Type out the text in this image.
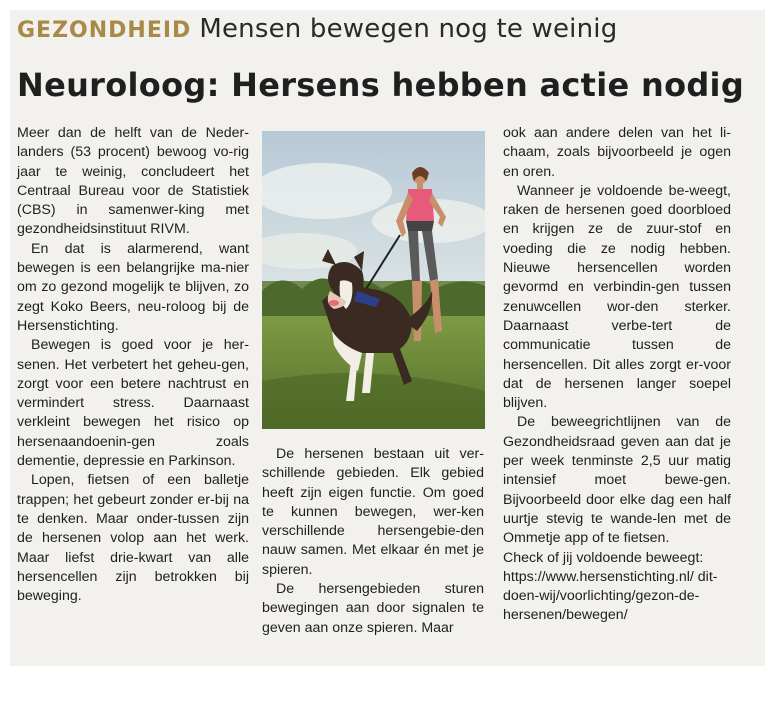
GEZONDHEID Mensen bewegen nog te weinig
Neuroloog: Hersens hebben actie nodig

Meer dan de helft van de Neder-landers (53 procent) bewoog vo-rig jaar te weinig, concludeert het Centraal Bureau voor de Statistiek (CBS) in samenwer-king met gezondheidsinstituut RIVM.

En dat is alarmerend, want bewegen is een belangrijke ma-nier om zo gezond mogelijk te blijven, zo zegt Koko Beers, neu-roloog bij de Hersenstichting.

Bewegen is goed voor je her-senen. Het verbetert het geheu-gen, zorgt voor een betere nachtrust en vermindert stress. Daarnaast verkleint bewegen het risico op hersenaandoenin-gen zoals dementie, depressie en Parkinson.

Lopen, fietsen of een balletje trappen; het gebeurt zonder er-bij na te denken. Maar onder-tussen zijn de hersenen volop aan het werk. Maar liefst drie-kwart van alle hersencellen zijn betrokken bij beweging.

De hersenen bestaan uit ver-schillende gebieden. Elk gebied heeft zijn eigen functie. Om goed te kunnen bewegen, wer-ken verschillende hersengebie-den nauw samen. Met elkaar én met je spieren.

De hersengebieden sturen bewegingen aan door signalen te geven aan onze spieren. Maar

ook aan andere delen van het li-chaam, zoals bijvoorbeeld je ogen en oren.

Wanneer je voldoende be-weegt, raken de hersenen goed doorbloed en krijgen ze de zuur-stof en voeding die ze nodig hebben. Nieuwe hersencellen worden gevormd en verbindin-gen tussen zenuwcellen wor-den sterker. Daarnaast verbe-tert de communicatie tussen de hersencellen. Dit alles zorgt er-voor dat de hersenen langer soepel blijven.

De beweegrichtlijnen van de Gezondheidsraad geven aan dat je per week tenminste 2,5 uur matig intensief moet bewe-gen. Bijvoorbeeld door elke dag een half uurtje stevig te wande-len met de Ommetje app of te fietsen.

Check of jij voldoende beweegt:

https://www.hersenstichting.nl/ dit-doen-wij/voorlichting/gezon-de-hersenen/bewegen/
